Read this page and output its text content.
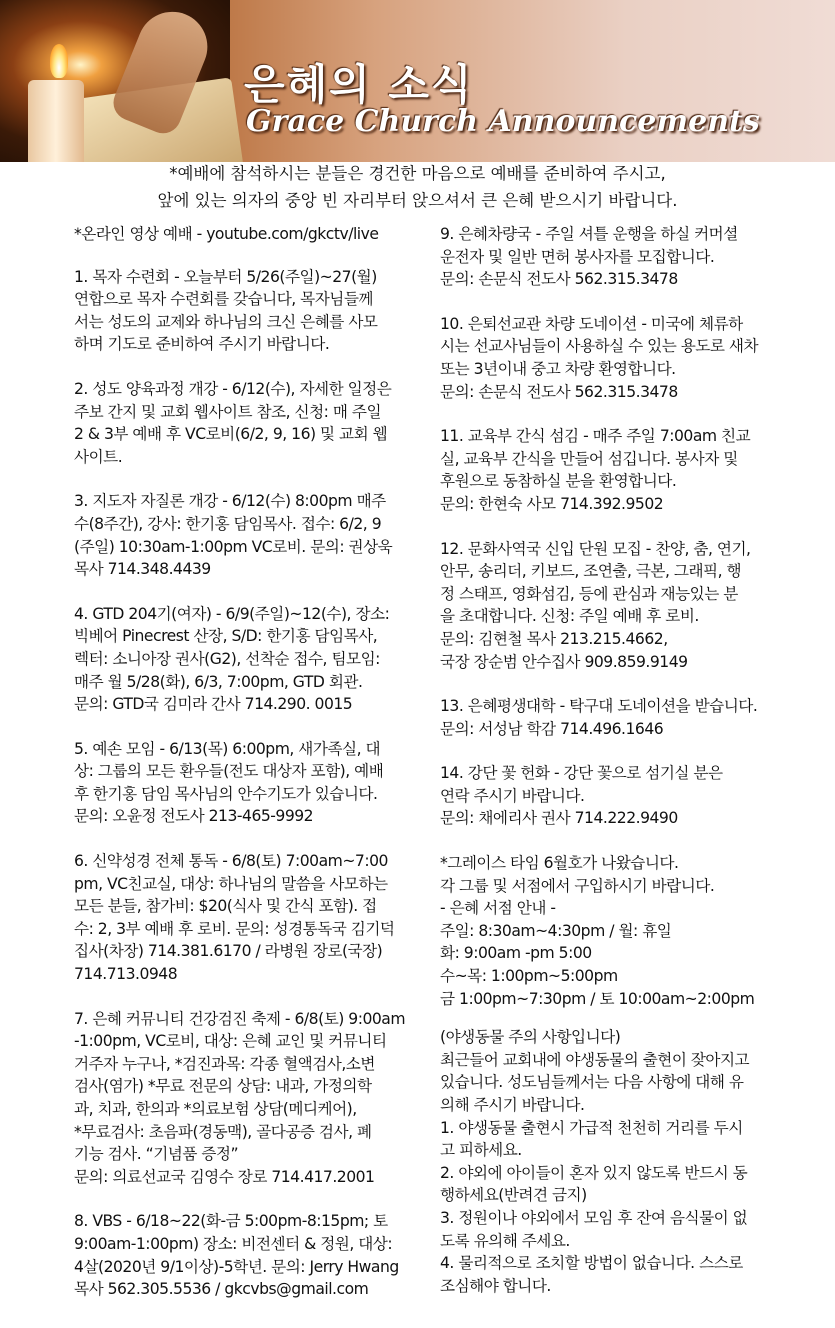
은혜의 소식
Grace Church Announcements
*예배에 참석하시는 분들은 경건한 마음으로 예배를 준비하여 주시고,
앞에 있는 의자의 중앙 빈 자리부터 앉으셔서 큰 은혜 받으시기 바랍니다.
*온라인 영상 예배 - youtube.com/gkctv/live
1. 목자 수련회 - 오늘부터 5/26(주일)~27(월)
연합으로 목자 수련회를 갖습니다, 목자님들께
서는 성도의 교제와 하나님의 크신 은혜를 사모
하며 기도로 준비하여 주시기 바랍니다.
2. 성도 양육과정 개강 - 6/12(수), 자세한 일정은
주보 간지 및 교회 웹사이트 참조, 신청: 매 주일
2 & 3부 예배 후 VC로비(6/2, 9, 16) 및 교회 웹
사이트.
3. 지도자 자질론 개강 - 6/12(수) 8:00pm 매주
수(8주간), 강사: 한기홍 담임목사. 접수: 6/2, 9
(주일) 10:30am-1:00pm VC로비. 문의: 권상욱
목사 714.348.4439
4. GTD 204기(여자) - 6/9(주일)~12(수), 장소:
빅베어 Pinecrest 산장, S/D: 한기홍 담임목사,
렉터: 소니아장 권사(G2), 선착순 접수, 팀모임:
매주 월 5/28(화), 6/3, 7:00pm, GTD 회관.
문의: GTD국 김미라 간사 714.290. 0015
5. 예손 모임 - 6/13(목) 6:00pm, 새가족실, 대
상: 그룹의 모든 환우들(전도 대상자 포함), 예배
후 한기홍 담임 목사님의 안수기도가 있습니다.
문의: 오윤정 전도사 213-465-9992
6. 신약성경 전체 통독 - 6/8(토) 7:00am~7:00
pm, VC친교실, 대상: 하나님의 말씀을 사모하는
모든 분들, 참가비: $20(식사 및 간식 포함). 접
수: 2, 3부 예배 후 로비. 문의: 성경통독국 김기덕
집사(차장) 714.381.6170 / 라병원 장로(국장)
714.713.0948
7. 은혜 커뮤니티 건강검진 축제 - 6/8(토) 9:00am
-1:00pm, VC로비, 대상: 은혜 교인 및 커뮤니티
거주자 누구나, *검진과목: 각종 혈액검사,소변
검사(염가) *무료 전문의 상담: 내과, 가정의학
과, 치과, 한의과 *의료보험 상담(메디케어),
*무료검사: 초음파(경동맥), 골다공증 검사, 폐
기능 검사. “기념품 증정”
문의: 의료선교국 김영수 장로 714.417.2001
8. VBS - 6/18~22(화-금 5:00pm-8:15pm; 토
9:00am-1:00pm) 장소: 비전센터 & 정원, 대상:
4살(2020년 9/1이상)-5학년. 문의: Jerry Hwang
목사 562.305.5536 / gkcvbs@gmail.com
9. 은혜차량국 - 주일 셔틀 운행을 하실 커머셜
운전자 및 일반 면허 봉사자를 모집합니다.
문의: 손문식 전도사 562.315.3478
10. 은퇴선교관 차량 도네이션 - 미국에 체류하
시는 선교사님들이 사용하실 수 있는 용도로 새차
또는 3년이내 중고 차량 환영합니다.
문의: 손문식 전도사 562.315.3478
11. 교육부 간식 섬김 - 매주 주일 7:00am 친교
실, 교육부 간식을 만들어 섬깁니다. 봉사자 및
후원으로 동참하실 분을 환영합니다.
문의: 한현숙 사모 714.392.9502
12. 문화사역국 신입 단원 모집 - 찬양, 춤, 연기,
안무, 송리더, 키보드, 조연출, 극본, 그래픽, 행
정 스태프, 영화섬김, 등에 관심과 재능있는 분
을 초대합니다. 신청: 주일 예배 후 로비.
문의: 김현철 목사 213.215.4662,
국장 장순범 안수집사 909.859.9149
13. 은혜평생대학 - 탁구대 도네이션을 받습니다.
문의: 서성남 학감 714.496.1646
14. 강단 꽃 헌화 - 강단 꽃으로 섬기실 분은
연락 주시기 바랍니다.
문의: 채에리사 권사 714.222.9490
*그레이스 타임 6월호가 나왔습니다.
각 그룹 및 서점에서 구입하시기 바랍니다.
- 은혜 서점 안내 -
주일: 8:30am~4:30pm / 월: 휴일
화: 9:00am -pm 5:00
수~목: 1:00pm~5:00pm
금 1:00pm~7:30pm / 토 10:00am~2:00pm
(야생동물 주의 사항입니다)
최근들어 교회내에 야생동물의 출현이 잦아지고
있습니다. 성도님들께서는 다음 사항에 대해 유
의해 주시기 바랍니다.
1. 야생동물 출현시 가급적 천천히 거리를 두시
고 피하세요.
2. 야외에 아이들이 혼자 있지 않도록 반드시 동
행하세요(반려견 금지)
3. 정원이나 야외에서 모임 후 잔여 음식물이 없
도록 유의해 주세요.
4. 물리적으로 조치할 방법이 없습니다. 스스로
조심해야 합니다.
